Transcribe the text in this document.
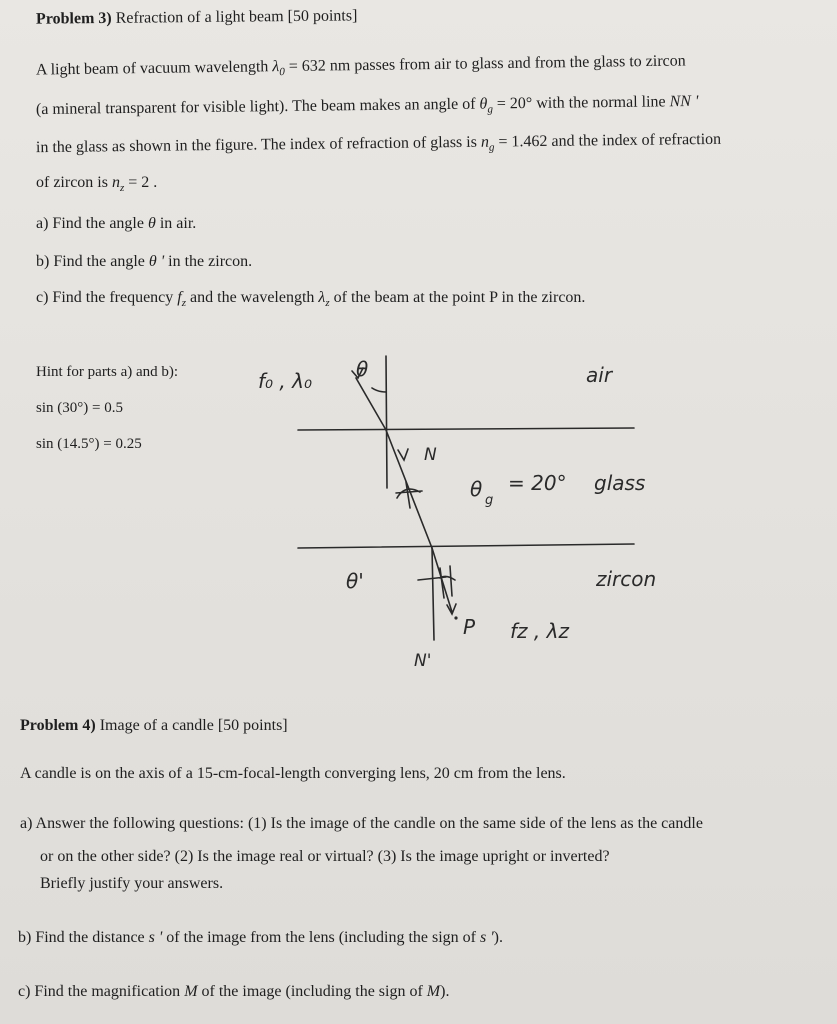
Problem 3) Refraction of a light beam [50 points]
A light beam of vacuum wavelength $\lambda_0 = 632$ nm passes from air to glass and from the glass to zircon
(a mineral transparent for visible light). The beam makes an angle of $\theta_g = 20^\circ$ with the normal line NN '
in the glass as shown in the figure. The index of refraction of glass is $n_g = 1.462$ and the index of refraction
of zircon is $n_z = 2$ .
a) Find the angle θ in air.
b) Find the angle θ ' in the zircon.
c) Find the frequency $f_z$ and the wavelength $\lambda_z$ of the beam at the point P in the zircon.
Hint for parts a) and b):
sin (30°) = 0.5
sin (14.5°) = 0.25
f₀ , λ₀ θ	air
N
θ g
= 20° glass
θ'	zircon
P fz , λz
N'
Problem 4) Image of a candle [50 points]
A candle is on the axis of a 15-cm-focal-length converging lens, 20 cm from the lens.
a) Answer the following questions: (1) Is the image of the candle on the same side of the lens as the candle
or on the other side? (2) Is the image real or virtual? (3) Is the image upright or inverted?
Briefly justify your answers.
b) Find the distance s ' of the image from the lens (including the sign of s ').
c) Find the magnification M of the image (including the sign of M).
